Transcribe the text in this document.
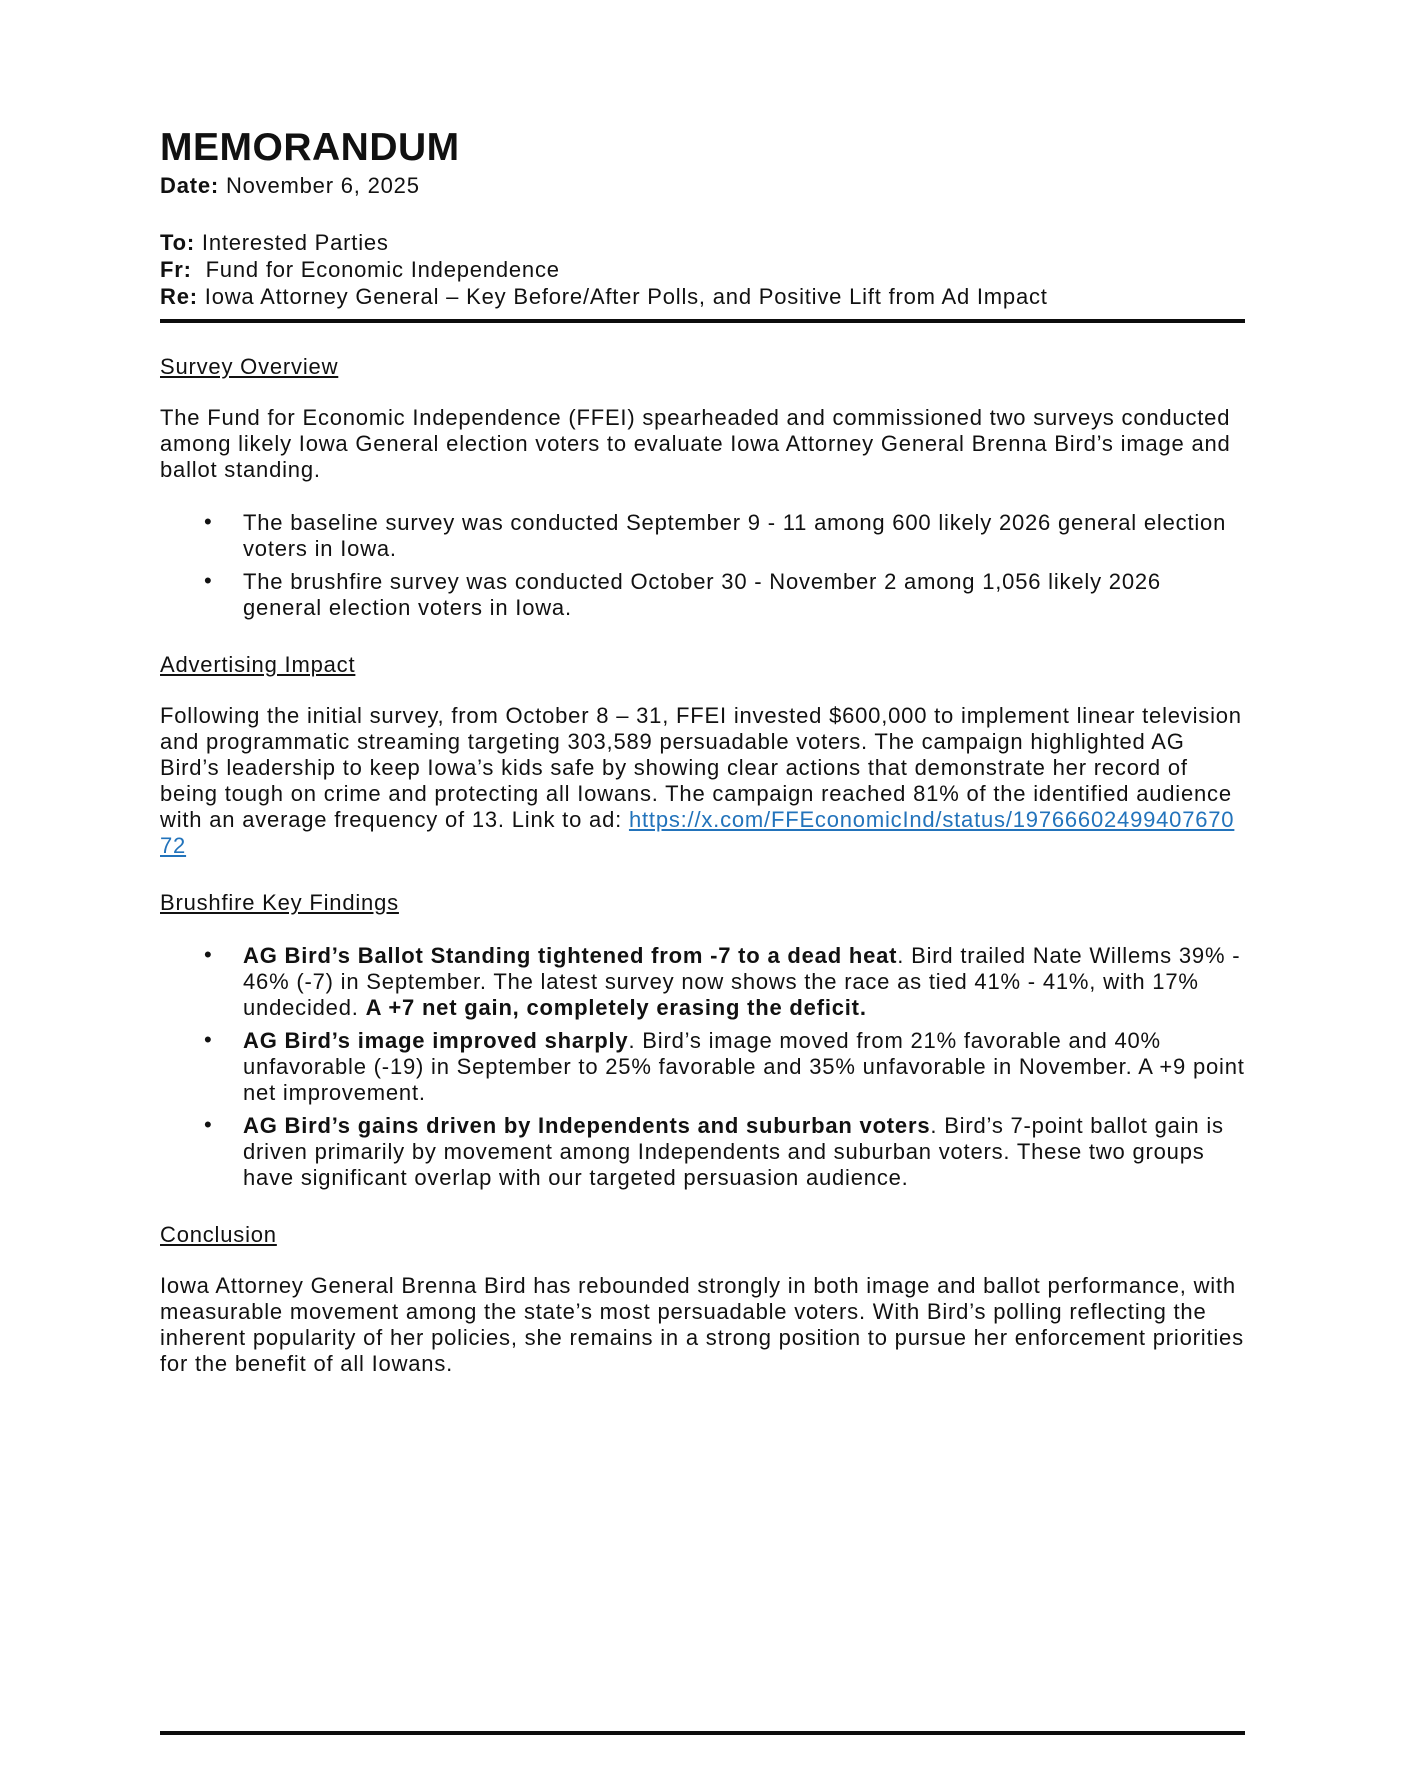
MEMORANDUM

Date: November 6, 2025

To: Interested Parties

Fr: Fund for Economic Independence

Re: Iowa Attorney General – Key Before/After Polls, and Positive Lift from Ad Impact

Survey Overview

The Fund for Economic Independence (FFEI) spearheaded and commissioned two surveys conducted among likely Iowa General election voters to evaluate Iowa Attorney General Brenna Bird’s image and ballot standing.

• The baseline survey was conducted September 9 - 11 among 600 likely 2026 general election voters in Iowa.
• The brushfire survey was conducted October 30 - November 2 among 1,056 likely 2026 general election voters in Iowa.
Advertising Impact

Following the initial survey, from October 8 – 31, FFEI invested $600,000 to implement linear television and programmatic streaming targeting 303,589 persuadable voters. The campaign highlighted AG Bird’s leadership to keep Iowa’s kids safe by showing clear actions that demonstrate her record of being tough on crime and protecting all Iowans. The campaign reached 81% of the identified audience with an average frequency of 13. Link to ad: https://x.com/FFEconomicInd/status/1976660249940767072

Brushfire Key Findings
• AG Bird’s Ballot Standing tightened from -7 to a dead heat. Bird trailed Nate Willems 39% - 46% (-7) in September. The latest survey now shows the race as tied 41% - 41%, with 17% undecided. A +7 net gain, completely erasing the deficit.
• AG Bird’s image improved sharply. Bird’s image moved from 21% favorable and 40% unfavorable (-19) in September to 25% favorable and 35% unfavorable in November. A +9 point net improvement.
• AG Bird’s gains driven by Independents and suburban voters. Bird’s 7-point ballot gain is driven primarily by movement among Independents and suburban voters. These two groups have significant overlap with our targeted persuasion audience.
Conclusion

Iowa Attorney General Brenna Bird has rebounded strongly in both image and ballot performance, with measurable movement among the state’s most persuadable voters. With Bird’s polling reflecting the inherent popularity of her policies, she remains in a strong position to pursue her enforcement priorities for the benefit of all Iowans.
